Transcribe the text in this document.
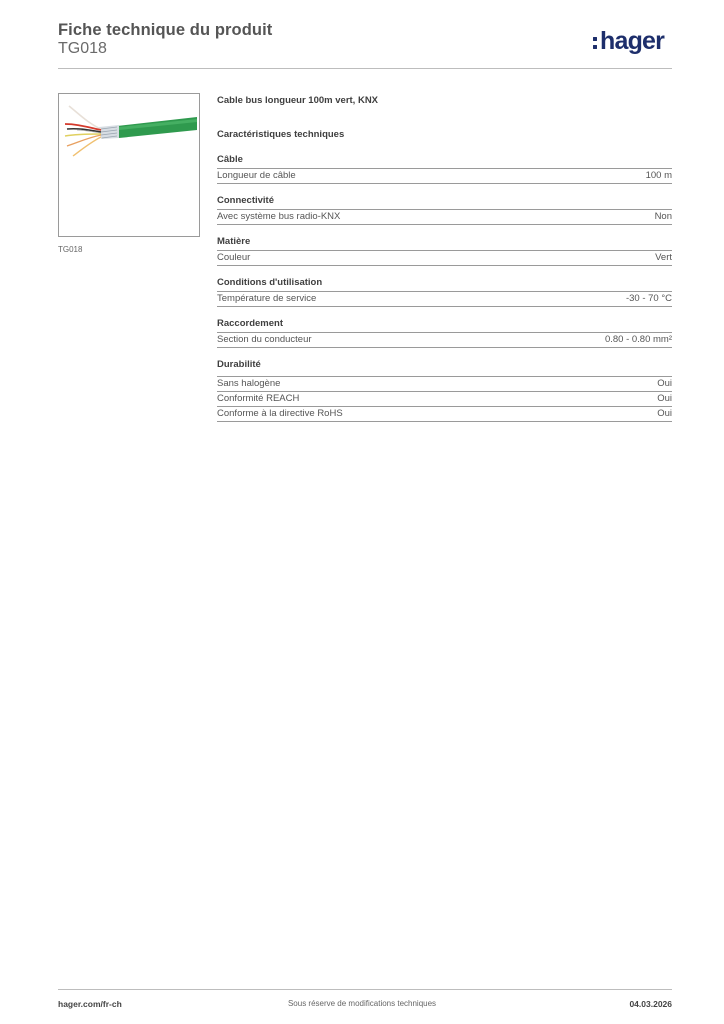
Fiche technique du produit
TG018	hager
TG018
Cable bus longueur 100m vert, KNX
Caractéristiques techniques
Câble
Longueur de câble	100 m
Connectivité
Avec système bus radio-KNX	Non
Matière
Couleur	Vert
Conditions d'utilisation
Température de service	-30 - 70 °C
Raccordement
Section du conducteur	0.80 - 0.80 mm²
Durabilité
Sans halogène	Oui
Conformité REACH	Oui
Conforme à la directive RoHS	Oui
hager.com/fr-ch	Sous réserve de modifications techniques	04.03.2026
